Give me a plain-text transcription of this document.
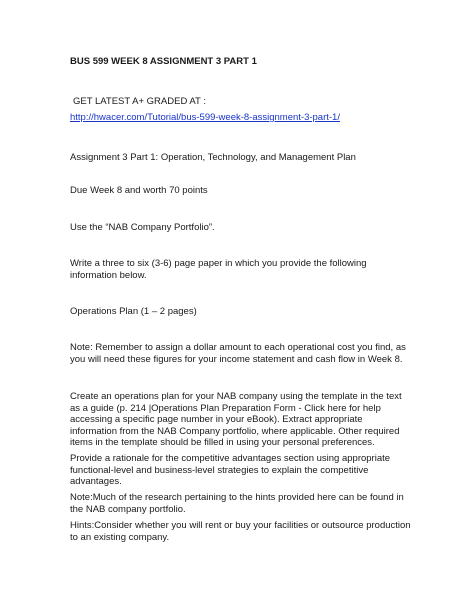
BUS 599 WEEK 8 ASSIGNMENT 3 PART 1

GET LATEST A+ GRADED AT :

http://hwacer.com/Tutorial/bus-599-week-8-assignment-3-part-1/

Assignment 3 Part 1: Operation, Technology, and Management Plan

Due Week 8 and worth 70 points

Use the “NAB Company Portfolio”.

Write a three to six (3-6) page paper in which you provide the following
information below.

Operations Plan (1 – 2 pages)

Note: Remember to assign a dollar amount to each operational cost you find, as
you will need these figures for your income statement and cash flow in Week 8.
Create an operations plan for your NAB company using the template in the text
as a guide (p. 214 |Operations Plan Preparation Form - Click here for help
accessing a specific page number in your eBook). Extract appropriate
information from the NAB Company portfolio, where applicable. Other required
items in the template should be filled in using your personal preferences.
Provide a rationale for the competitive advantages section using appropriate
functional-level and business-level strategies to explain the competitive
advantages.
Note:Much of the research pertaining to the hints provided here can be found in
the NAB company portfolio.
Hints:Consider whether you will rent or buy your facilities or outsource production
to an existing company.
